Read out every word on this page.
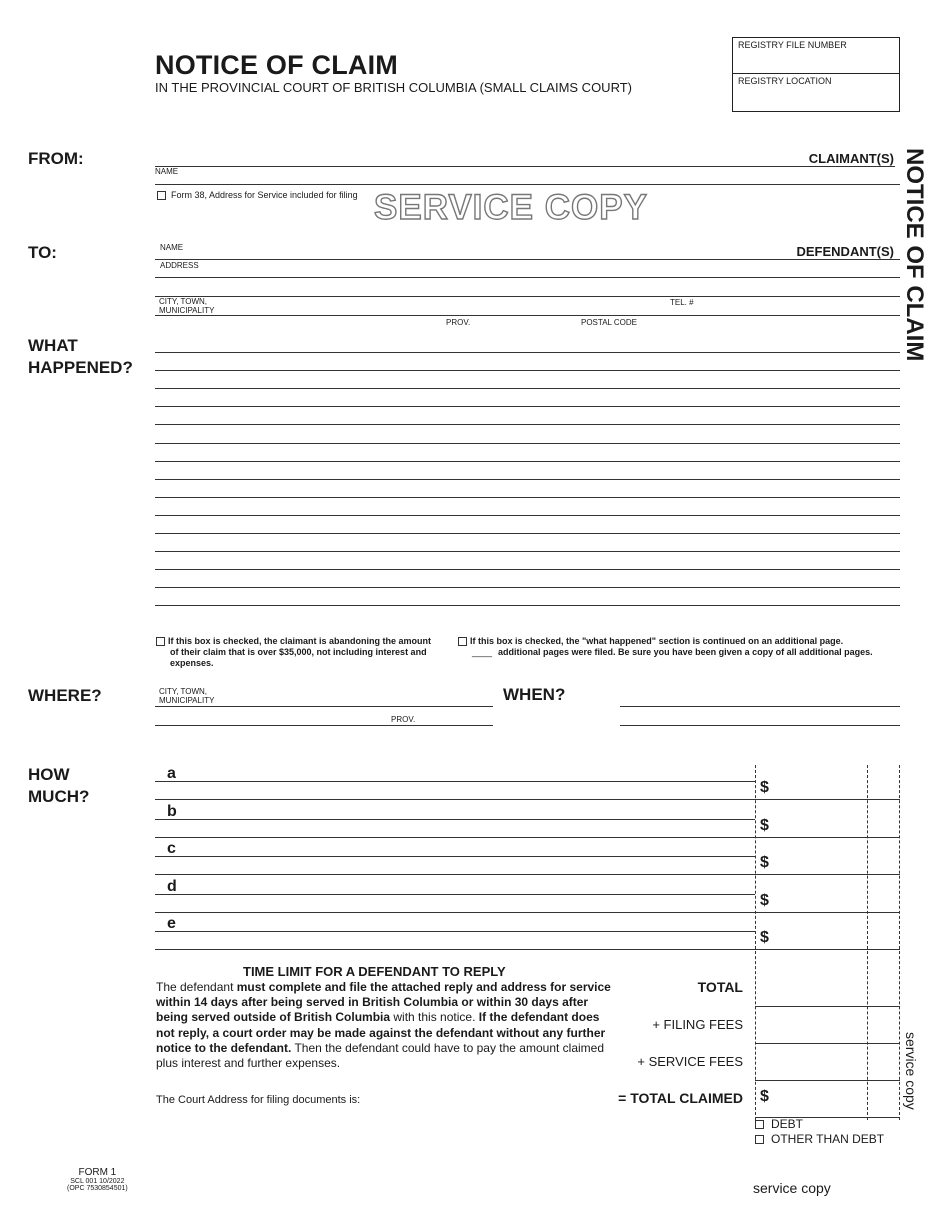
NOTICE OF CLAIM
IN THE PROVINCIAL COURT OF BRITISH COLUMBIA (SMALL CLAIMS COURT)
REGISTRY FILE NUMBER
REGISTRY LOCATION
NOTICE OF CLAIM
SERVICE COPY
FROM:	CLAIMANT(S)
NAME
Form 38, Address for Service included for filing
TO:	NAME	DEFENDANT(S)
ADDRESS
CITY, TOWN,
MUNICIPALITY
TEL. #
PROV.	POSTAL CODE
WHAT
HAPPENED?
If this box is checked, the claimant is abandoning the amount
of their claim that is over $35,000, not including interest and
expenses.
If this box is checked, the "what happened" section is continued on an additional page.
____ additional pages were filed. Be sure you have been given a copy of all additional pages.
WHERE?	CITY, TOWN,
MUNICIPALITY
PROV.
WHEN?
HOW
MUCH?
a
$
b
$
c
$
d
$
e
$
TIME LIMIT FOR A DEFENDANT TO REPLY
The defendant must complete and file the attached reply and address for service within 14 days after being served in British Columbia or within 30 days after being served outside of British Columbia with this notice. If the defendant does not reply, a court order may be made against the defendant without any further notice to the defendant. Then the defendant could have to pay the amount claimed plus interest and further expenses.
The Court Address for filing documents is:
TOTAL
+ FILING FEES
+ SERVICE FEES
= TOTAL CLAIMED $
DEBT
OTHER THAN DEBT
service copy
FORM 1
SCL 001 10/2022
(OPC 7530854501)	service copy
